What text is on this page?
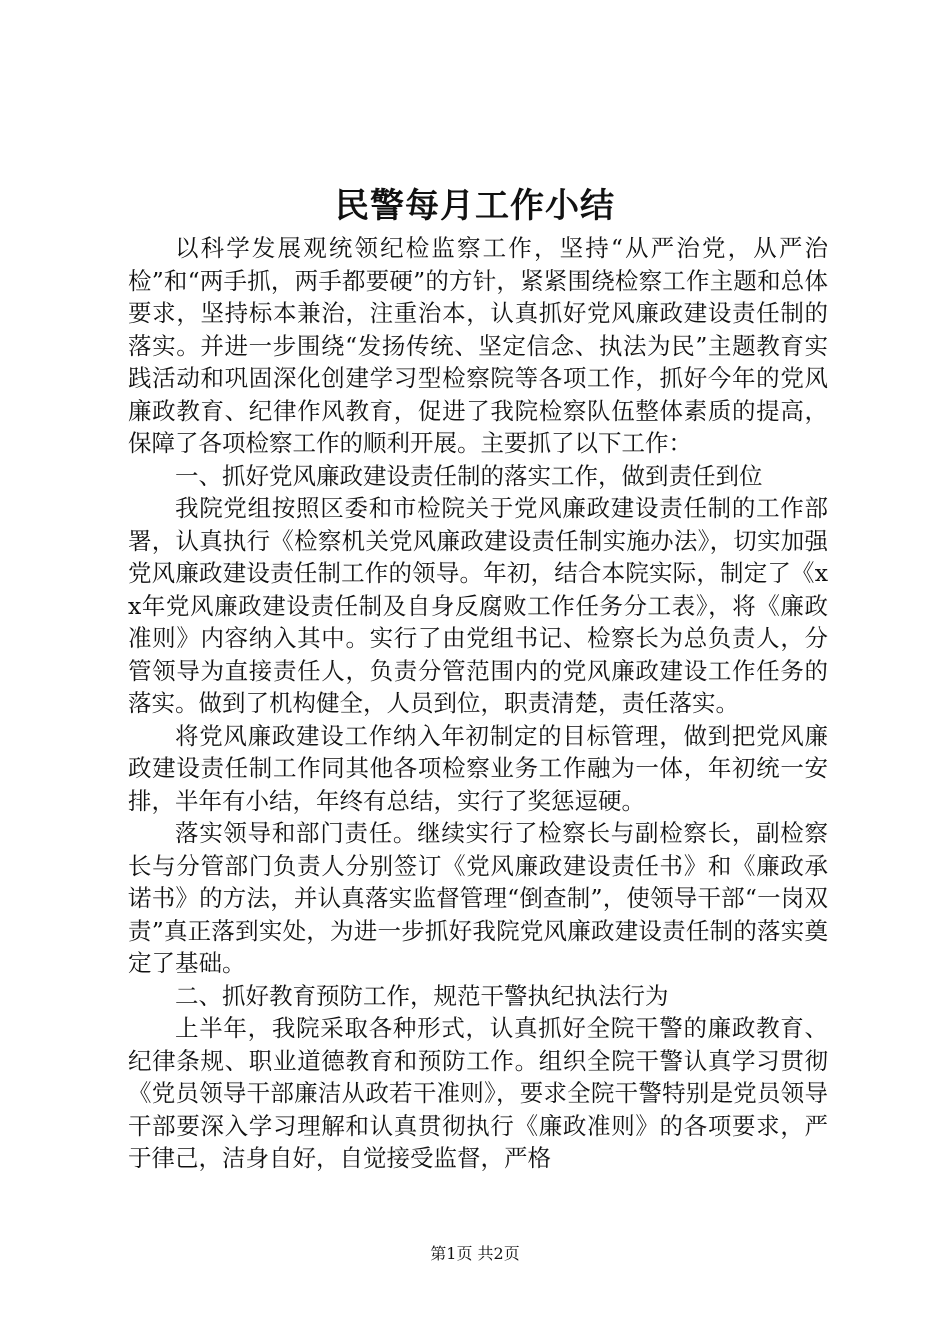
民警每月工作小结

以科学发展观统领纪检监察工作，坚持“从严治党，从严治检”和“两手抓，两手都要硬”的方针，紧紧围绕检察工作主题和总体要求，坚持标本兼治，注重治本，认真抓好党风廉政建设责任制的落实。并进一步围绕“发扬传统、坚定信念、执法为民”主题教育实践活动和巩固深化创建学习型检察院等各项工作，抓好今年的党风廉政教育、纪律作风教育，促进了我院检察队伍整体素质的提高，保障了各项检察工作的顺利开展。主要抓了以下工作：

一、抓好党风廉政建设责任制的落实工作，做到责任到位

我院党组按照区委和市检院关于党风廉政建设责任制的工作部署，认真执行《检察机关党风廉政建设责任制实施办法》，切实加强党风廉政建设责任制工作的领导。年初，结合本院实际，制定了《xx年党风廉政建设责任制及自身反腐败工作任务分工表》，将《廉政准则》内容纳入其中。实行了由党组书记、检察长为总负责人，分管领导为直接责任人，负责分管范围内的党风廉政建设工作任务的落实。做到了机构健全，人员到位，职责清楚，责任落实。

将党风廉政建设工作纳入年初制定的目标管理，做到把党风廉政建设责任制工作同其他各项检察业务工作融为一体，年初统一安排，半年有小结，年终有总结，实行了奖惩逗硬。

落实领导和部门责任。继续实行了检察长与副检察长，副检察长与分管部门负责人分别签订《党风廉政建设责任书》和《廉政承诺书》的方法，并认真落实监督管理“倒查制”，使领导干部“一岗双责”真正落到实处，为进一步抓好我院党风廉政建设责任制的落实奠定了基础。

二、抓好教育预防工作，规范干警执纪执法行为

上半年，我院采取各种形式，认真抓好全院干警的廉政教育、纪律条规、职业道德教育和预防工作。组织全院干警认真学习贯彻《党员领导干部廉洁从政若干准则》，要求全院干警特别是党员领导干部要深入学习理解和认真贯彻执行《廉政准则》的各项要求，严于律己，洁身自好，自觉接受监督，严格

第1页 共2页
